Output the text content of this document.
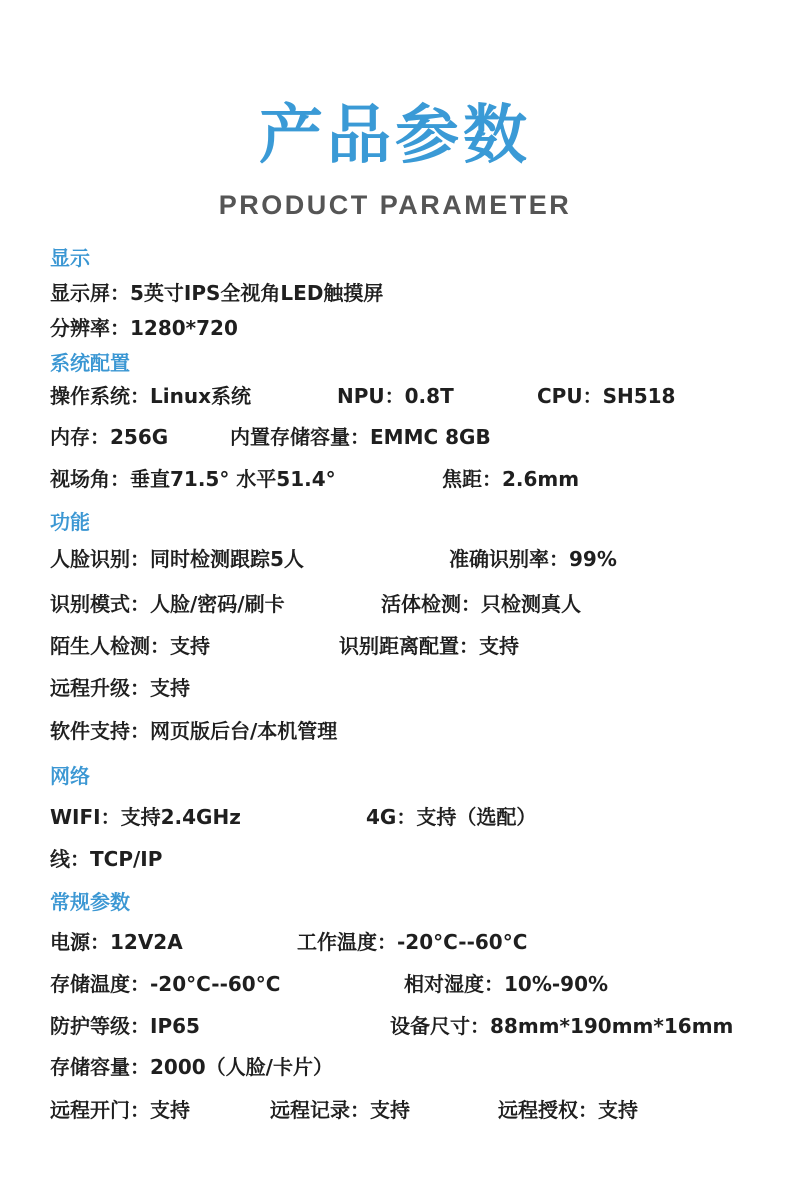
产品参数
PRODUCT PARAMETER
显示
显示屏：5英寸IPS全视角LED触摸屏
分辨率：1280*720
系统配置
操作系统：Linux系统	NPU：0.8T	CPU：SH518
内存：256G	内置存储容量：EMMC 8GB
视场角：垂直71.5° 水平51.4°	焦距：2.6mm
功能
人脸识别：同时检测跟踪5人	准确识别率：99%
识别模式：人脸/密码/刷卡	活体检测：只检测真人
陌生人检测：支持	识别距离配置：支持
远程升级：支持
软件支持：网页版后台/本机管理
网络
WIFI：支持2.4GHz	4G：支持（选配）
线：TCP/IP
常规参数
电源：12V2A	工作温度：-20°C--60°C
存储温度：-20°C--60°C	相对湿度：10%-90%
防护等级：IP65	设备尺寸：88mm*190mm*16mm
存储容量：2000（人脸/卡片）
远程开门：支持	远程记录：支持	远程授权：支持
